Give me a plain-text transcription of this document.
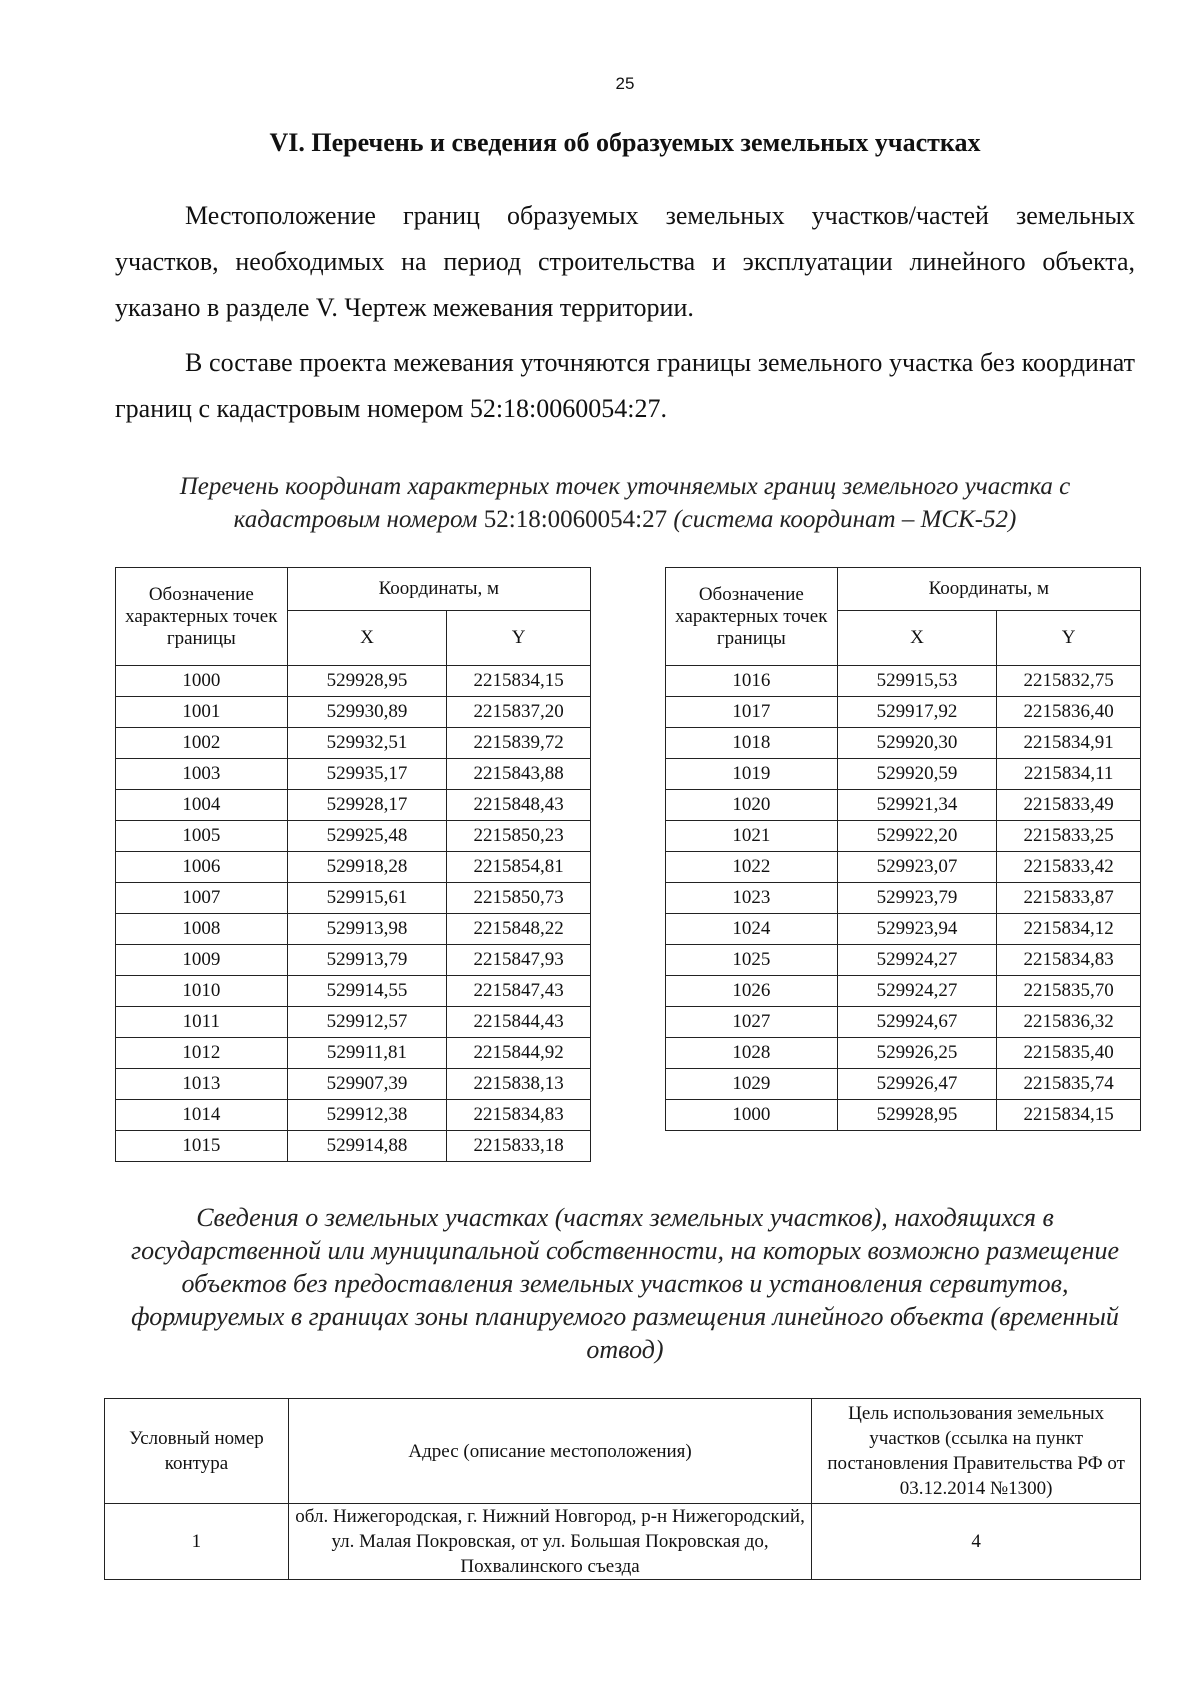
25
VI. Перечень и сведения об образуемых земельных участках
Местоположение границ образуемых земельных участков/частей земельных участков, необходимых на период строительства и эксплуатации линейного объекта, указано в разделе V. Чертеж межевания территории.
В составе проекта межевания уточняются границы земельного участка без координат границ с кадастровым номером 52:18:0060054:27.
Перечень координат характерных точек уточняемых границ земельного участка с кадастровым номером 52:18:0060054:27 (система координат – МСК-52)
Обозначение характерных точек границы	Координаты, м	
	X	Y
1000	529928,95	2215834,15
1001	529930,89	2215837,20
1002	529932,51	2215839,72
1003	529935,17	2215843,88
1004	529928,17	2215848,43
1005	529925,48	2215850,23
1006	529918,28	2215854,81
1007	529915,61	2215850,73
1008	529913,98	2215848,22
1009	529913,79	2215847,93
1010	529914,55	2215847,43
1011	529912,57	2215844,43
1012	529911,81	2215844,92
1013	529907,39	2215838,13
1014	529912,38	2215834,83
1015	529914,88	2215833,18
Обозначение характерных точек границы	Координаты, м	
	X	Y
1016	529915,53	2215832,75
1017	529917,92	2215836,40
1018	529920,30	2215834,91
1019	529920,59	2215834,11
1020	529921,34	2215833,49
1021	529922,20	2215833,25
1022	529923,07	2215833,42
1023	529923,79	2215833,87
1024	529923,94	2215834,12
1025	529924,27	2215834,83
1026	529924,27	2215835,70
1027	529924,67	2215836,32
1028	529926,25	2215835,40
1029	529926,47	2215835,74
1000	529928,95	2215834,15
Сведения о земельных участках (частях земельных участков), находящихся в государственной или муниципальной собственности, на которых возможно размещение объектов без предоставления земельных участков и установления сервитутов, формируемых в границах зоны планируемого размещения линейного объекта (временный отвод)
Условный номер контура	Адрес (описание местоположения)	Цель использования земельных участков (ссылка на пункт постановления Правительства РФ от 03.12.2014 №1300)
1	обл. Нижегородская, г. Нижний Новгород, р-н Нижегородский, ул. Малая Покровская, от ул. Большая Покровская до, Похвалинского съезда	4
